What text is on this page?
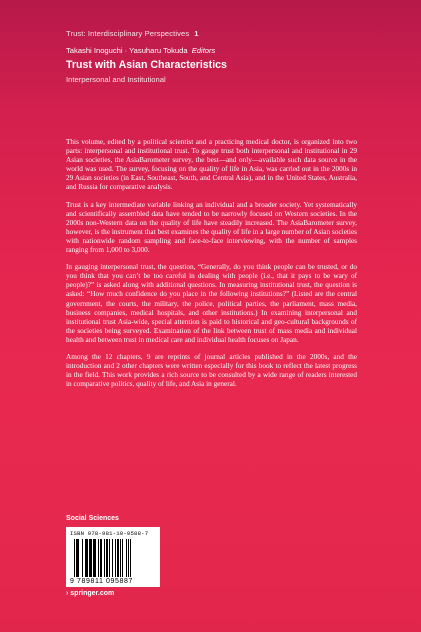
Trust: Interdisciplinary Perspectives 1
Takashi Inoguchi · Yasuharu Tokuda Editors
Trust with Asian Characteristics
Interpersonal and Institutional

This volume, edited by a political scientist and a practicing medical doctor, is organized into two parts: interpersonal and institutional trust. To gauge trust both interpersonal and institutional in 29 Asian societies, the AsiaBarometer survey, the best—and only—available such data source in the world was used. The survey, focusing on the quality of life in Asia, was carried out in the 2000s in 29 Asian societies (in East, Southeast, South, and Central Asia), and in the United States, Australia, and Russia for comparative analysis.

Trust is a key intermediate variable linking an individual and a broader society. Yet systematically and scientifically assembled data have tended to be narrowly focused on Western societies. In the 2000s non-Western data on the quality of life have steadily increased. The AsiaBarometer survey, however, is the instrument that best examines the quality of life in a large number of Asian societies with nationwide random sampling and face-to-face interviewing, with the number of samples ranging from 1,000 to 3,000.

In gauging interpersonal trust, the question, “Generally, do you think people can be trusted, or do you think that you can’t be too careful in dealing with people (i.e., that it pays to be wary of people)?” is asked along with additional questions. In measuring institutional trust, the question is asked: “How much confidence do you place in the following institutions?” (Listed are the central government, the courts, the military, the police, political parties, the parliament, mass media, business companies, medical hospitals, and other institutions.) In examining interpersonal and institutional trust Asia-wide, special attention is paid to historical and geo-cultural backgrounds of the societies being surveyed. Examination of the link between trust of mass media and individual health and between trust in medical care and individual health focuses on Japan.

Among the 12 chapters, 9 are reprints of journal articles published in the 2000s, and the introduction and 2 other chapters were written especially for this book to reflect the latest progress in the field. This work provides a rich source to be consulted by a wide range of readers interested in comparative politics, quality of life, and Asia in general.

Social Sciences
ISBN 978-981-10-9588-7
9 789811 095887
› springer.com
